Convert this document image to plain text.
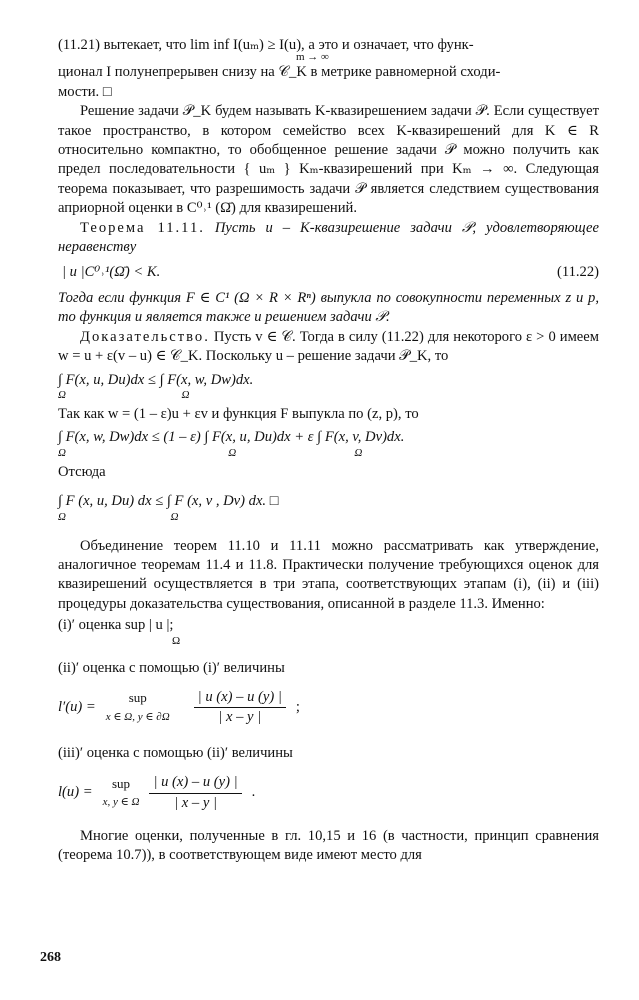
(11.21) вытекает, что lim inf I(uₘ) ≥ I(u), а это и означает, что функ-

m → ∞

ционал I полунепрерывен снизу на 𝒞_K в метрике равномерной сходи-

мости. □

Решение задачи 𝒫_K будем называть K-квазирешением задачи 𝒫. Если существует такое пространство, в котором семейство всех K-квазирешений для K ∈ R относительно компактно, то обобщенное решение задачи 𝒫 можно получить как предел последовательности { uₘ } Kₘ-квазирешений при Kₘ → ∞. Следующая теорема показывает, что разрешимость задачи 𝒫 является следствием существования априорной оценки в C⁰˒¹ (Ω̄) для квазирешений.

Теорема 11.11. Пусть u – K-квазирешение задачи 𝒫, удовлетворяющее неравенству

| u |C⁰˒¹(Ω̄) < K.	(11.22)

Тогда если функция F ∈ C¹ (Ω × R × Rⁿ) выпукла по совокупности переменных z и p, то функция u является также и решением задачи 𝒫.

Доказательство. Пусть v ∈ 𝒞. Тогда в силу (11.22) для некоторого ε > 0 имеем w = u + ε(v – u) ∈ 𝒞_K. Поскольку u – решение задачи 𝒫_K, то

∫ F(x, u, Du)dx ≤ ∫ F(x, w, Dw)dx.
Ω                                          Ω

Так как w = (1 – ε)u + εv и функция F выпукла по (z, p), то

∫ F(x, w, Dw)dx ≤ (1 – ε) ∫ F(x, u, Du)dx + ε ∫ F(x, v, Dv)dx.
Ω                                                           Ω                                           Ω

Отсюда

∫ F (x, u, Du) dx ≤ ∫ F (x, v , Dv) dx. □
Ω                                      Ω

Объединение теорем 11.10 и 11.11 можно рассматривать как утверждение, аналогичное теоремам 11.4 и 11.8. Практически получение требующихся оценок для квазирешений осуществляется в три этапа, соответствующих этапам (i), (ii) и (iii) процедуры доказательства существования, описанной в разделе 11.3. Именно:

(i)′ оценка sup | u |;
Ω

(ii)′ оценка с помощью (i)′ величины

l′(u) =
sup
x ∈ Ω, y ∈ $\partial\Omega \frac{| u (x) - u (y) |}{| x - y |}$ ;

(iii)′ оценка с помощью (ii)′ величины

l(u) =
sup
x, y ∈ Ω $\frac{| u (x) - u (y) |}{| x - y |}$ .

Многие оценки, полученные в гл. 10,15 и 16 (в частности, принцип сравнения (теорема 10.7)), в соответствующем виде имеют место для

268
